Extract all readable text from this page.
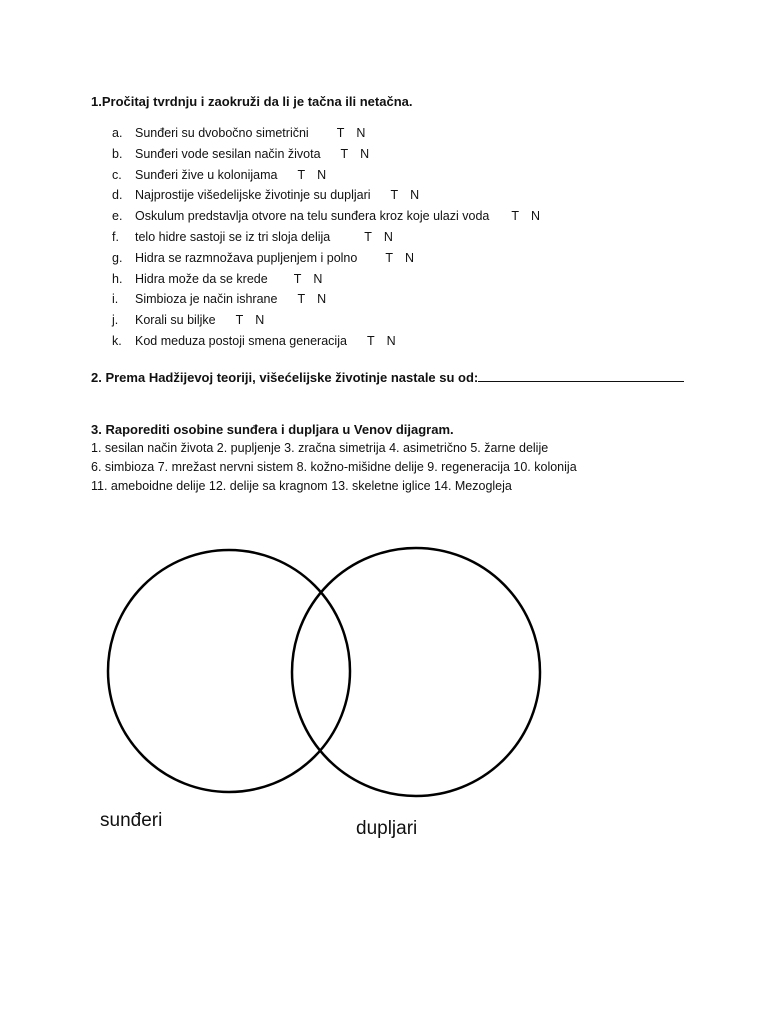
1.Pročitaj tvrdnju i zaokruži da li je tačna ili netačna.
a.	Sunđeri su dvobočno simetrični T N
b.	Sunđeri vode sesilan način života T N
c.	Sunđeri žive u kolonijama T N
d.	Najprostije višedelijske životinje su dupljari T N
e.	Oskulum predstavlja otvore na telu sunđera kroz koje ulazi voda T N
f.	telo hidre sastoji se iz tri sloja delija	T N
g.	Hidra se razmnožava pupljenjem i polno T N
h.	Hidra može da se krede T N
i.	Simbioza je način ishrane T N
j.	Korali su biljke T N
k.	Kod meduza postoji smena generacija T N
2. Prema Hadžijevoj teoriji, višećelijske životinje nastale su od:
3. Raporediti osobine sunđera i dupljara u Venov dijagram.
1. sesilan način života 2. pupljenje 3. zračna simetrija 4. asimetrično 5. žarne delije
6. simbioza 7. mrežast nervni sistem 8. kožno-mišidne delije 9. regeneracija 10. kolonija
11. ameboidne delije 12. delije sa kragnom 13. skeletne iglice 14. Mezogleja
sunđeri	dupljari
